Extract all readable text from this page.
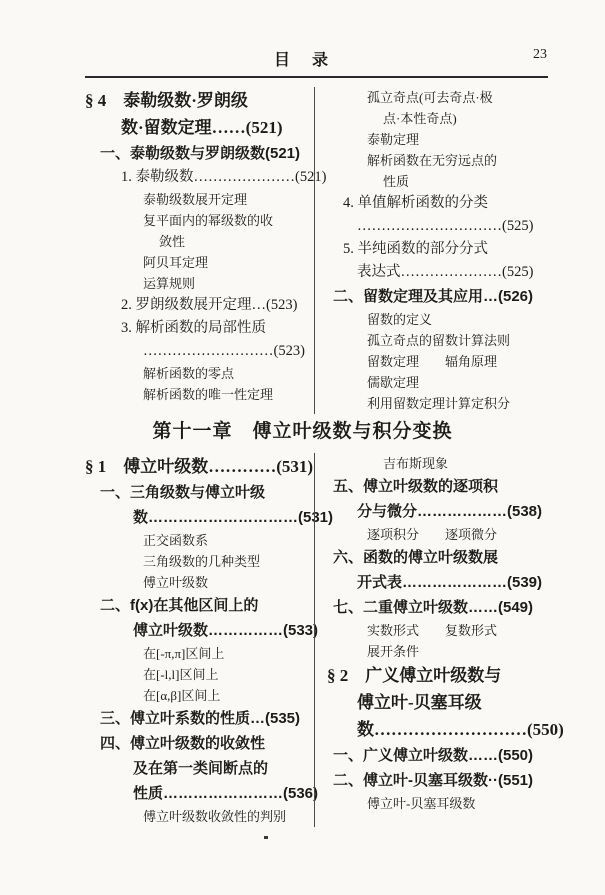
目　录	23
§ 4　泰勒级数·罗朗级
数·留数定理……(521)
一、泰勒级数与罗朗级数(521)
1. 泰勒级数…………………(521)
泰勒级数展开定理
复平面内的幂级数的收
敛性
阿贝耳定理
运算规则
2. 罗朗级数展开定理…(523)
3. 解析函数的局部性质
………………………(523)
解析函数的零点
解析函数的唯一性定理
孤立奇点(可去奇点·极
点·本性奇点)
泰勒定理
解析函数在无穷远点的
性质
4. 单值解析函数的分类
…………………………(525)
5. 半纯函数的部分分式
表达式…………………(525)
二、留数定理及其应用…(526)
留数的定义
孤立奇点的留数计算法则
留数定理　　辐角原理
儒歇定理
利用留数定理计算定积分
第十一章　傅立叶级数与积分变换
§ 1　傅立叶级数…………(531)
一、三角级数与傅立叶级
数…………………………(531)
正交函数系
三角级数的几种类型
傅立叶级数
二、f(x)在其他区间上的
傅立叶级数……………(533)
在[-π,π]区间上
在[-l,l]区间上
在[α,β]区间上
三、傅立叶系数的性质…(535)
四、傅立叶级数的收敛性
及在第一类间断点的
性质……………………(536)
傅立叶级数收敛性的判别
吉布斯现象
五、傅立叶级数的逐项积
分与微分………………(538)
逐项积分　　逐项微分
六、函数的傅立叶级数展
开式表…………………(539)
七、二重傅立叶级数……(549)
实数形式　　复数形式
展开条件
§ 2　广义傅立叶级数与
傅立叶-贝塞耳级
数………………………(550)
一、广义傅立叶级数……(550)
二、傅立叶-贝塞耳级数··(551)
傅立叶-贝塞耳级数
